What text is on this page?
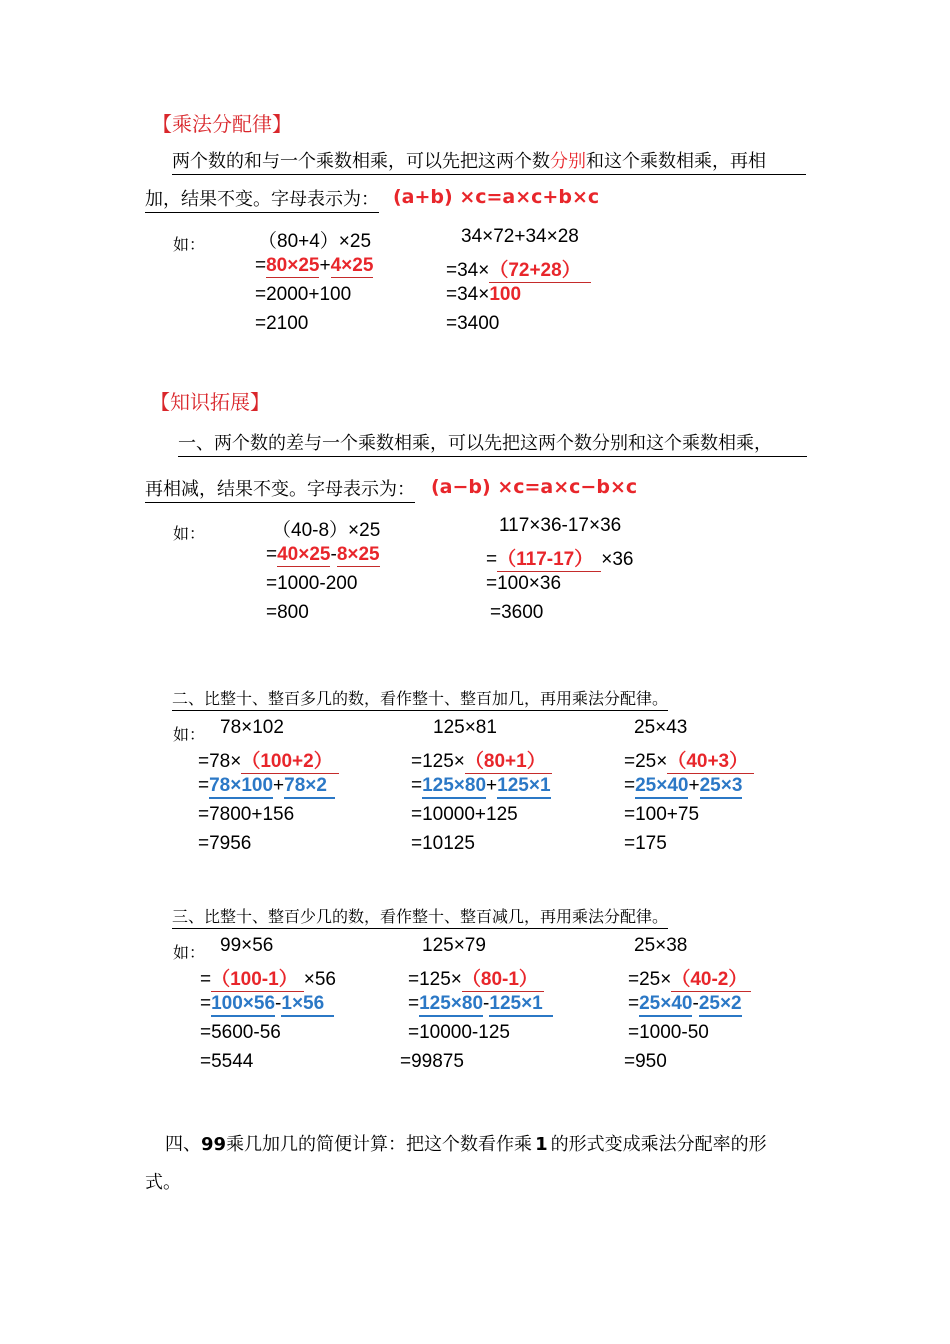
【乘法分配律】
两个数的和与一个乘数相乘，可以先把这两个数分别和这个乘数相乘，再相
加，结果不变。字母表示为： (a+b) ×c=a×c+b×c
如：	（80+4）×25
=80×25+4×25
=2000+100
=2100
34×72+34×28
=34×（72+28）
=34×100
=3400
【知识拓展】
一、两个数的差与一个乘数相乘，可以先把这两个数分别和这个乘数相乘，
再相减，结果不变。字母表示为： (a−b) ×c=a×c−b×c
如：	（40-8）×25
=40×25-8×25
=1000-200
=800
117×36-17×36
=（117-17） ×36
=100×36
=3600
二、比整十、整百多几的数，看作整十、整百加几，再用乘法分配律。
如： 78×102
=78×（100+2）
=78×100+78×2
=7800+156
=7956
125×81
=125×（80+1）
=125×80+125×1
=10000+125
=10125
25×43
=25×（40+3）
=25×40+25×3
=100+75
=175
三、比整十、整百少几的数，看作整十、整百减几，再用乘法分配律。
如： 99×56
=（100-1） ×56
=100×56-1×56
=5600-56
=5544
125×79
=125×（80-1）
=125×80-125×1
=10000-125
=99875
25×38
=25×（40-2）
=25×40-25×2
=1000-50
=950
四、99乘几加几的简便计算：把这个数看作乘 1 的形式变成乘法分配率的形
式。
